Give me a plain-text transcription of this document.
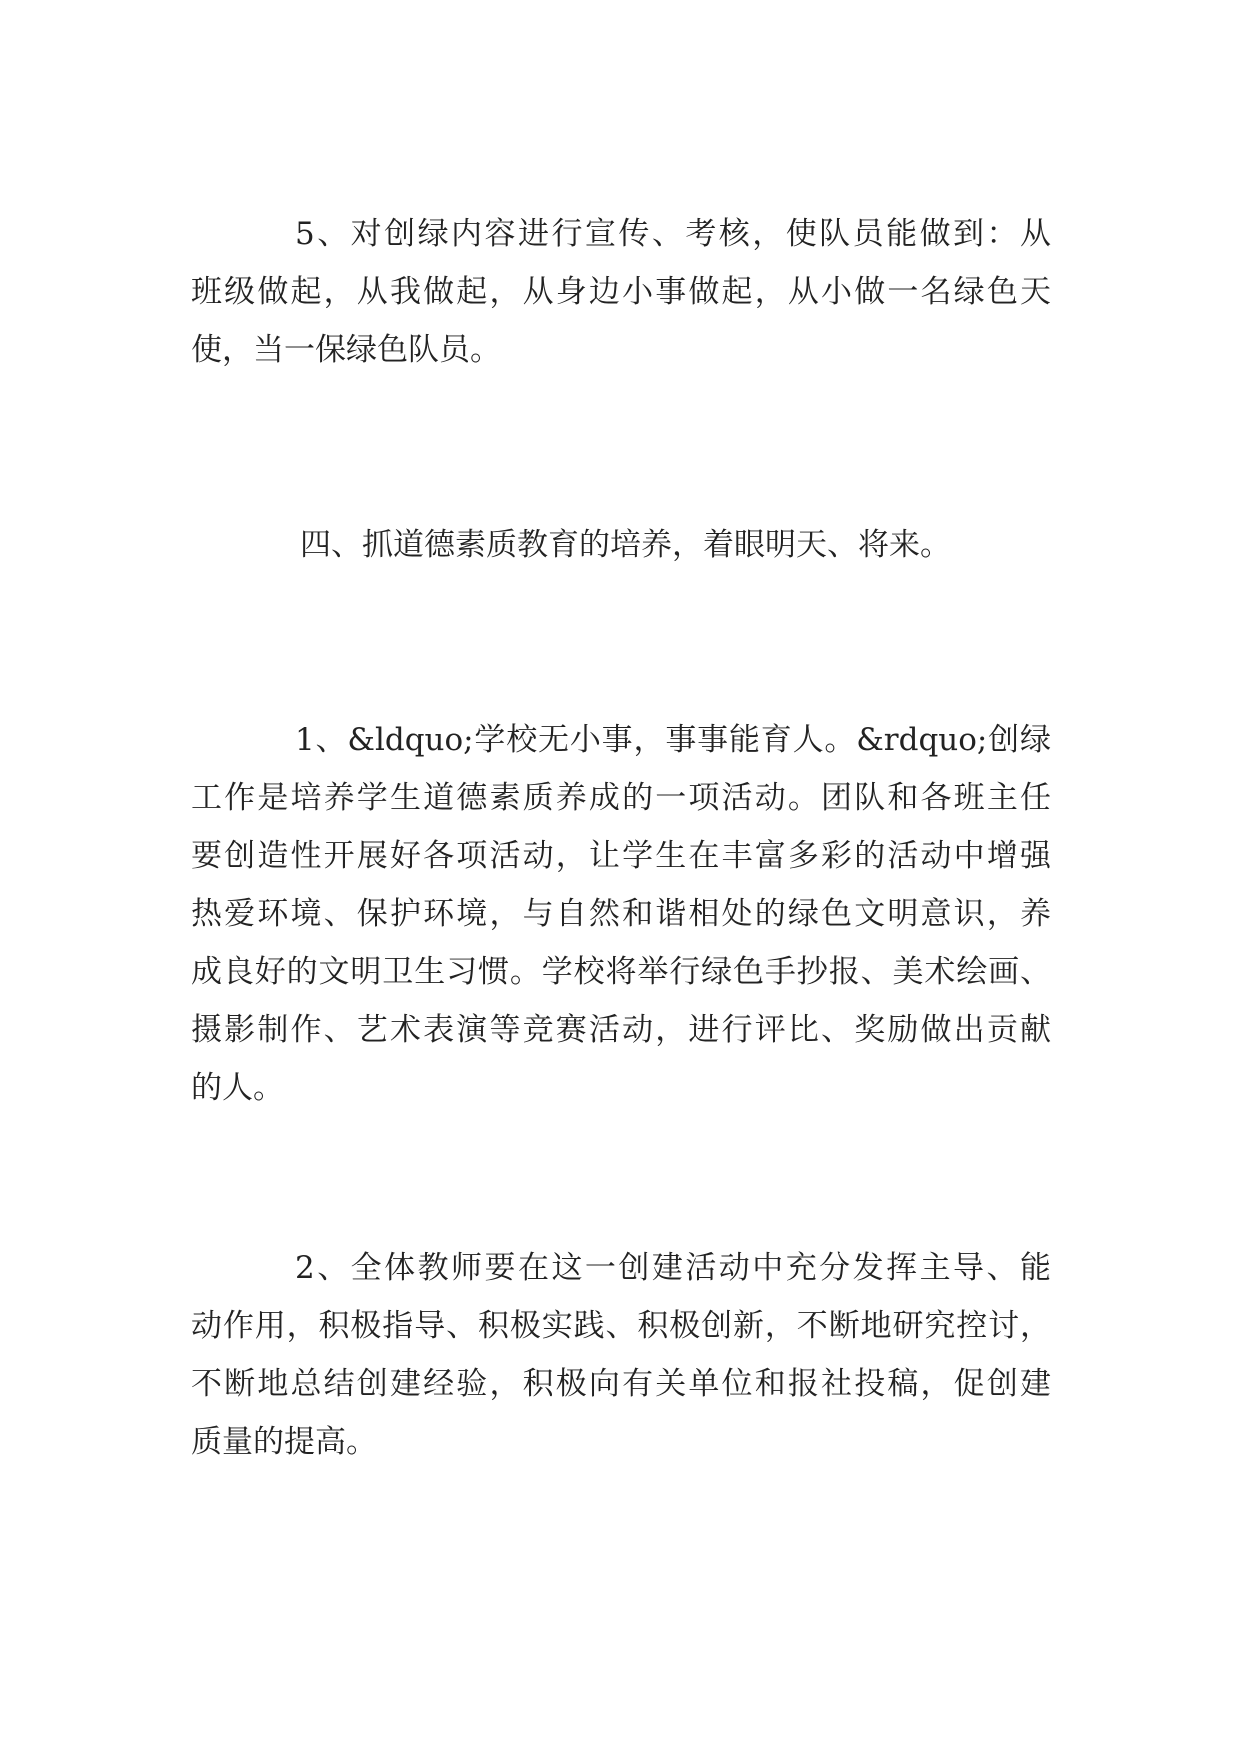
5、对创绿内容进行宣传、考核，使队员能做到：从

班级做起，从我做起，从身边小事做起，从小做一名绿色天

使，当一保绿色队员。

四、抓道德素质教育的培养，着眼明天、将来。

1、&ldquo;学校无小事，事事能育人。&rdquo;创绿

工作是培养学生道德素质养成的一项活动。团队和各班主任

要创造性开展好各项活动，让学生在丰富多彩的活动中增强

热爱环境、保护环境，与自然和谐相处的绿色文明意识，养

成良好的文明卫生习惯。学校将举行绿色手抄报、美术绘画、

摄影制作、艺术表演等竞赛活动，进行评比、奖励做出贡献

的人。

2、全体教师要在这一创建活动中充分发挥主导、能

动作用，积极指导、积极实践、积极创新，不断地研究控讨，

不断地总结创建经验，积极向有关单位和报社投稿，促创建

质量的提高。
